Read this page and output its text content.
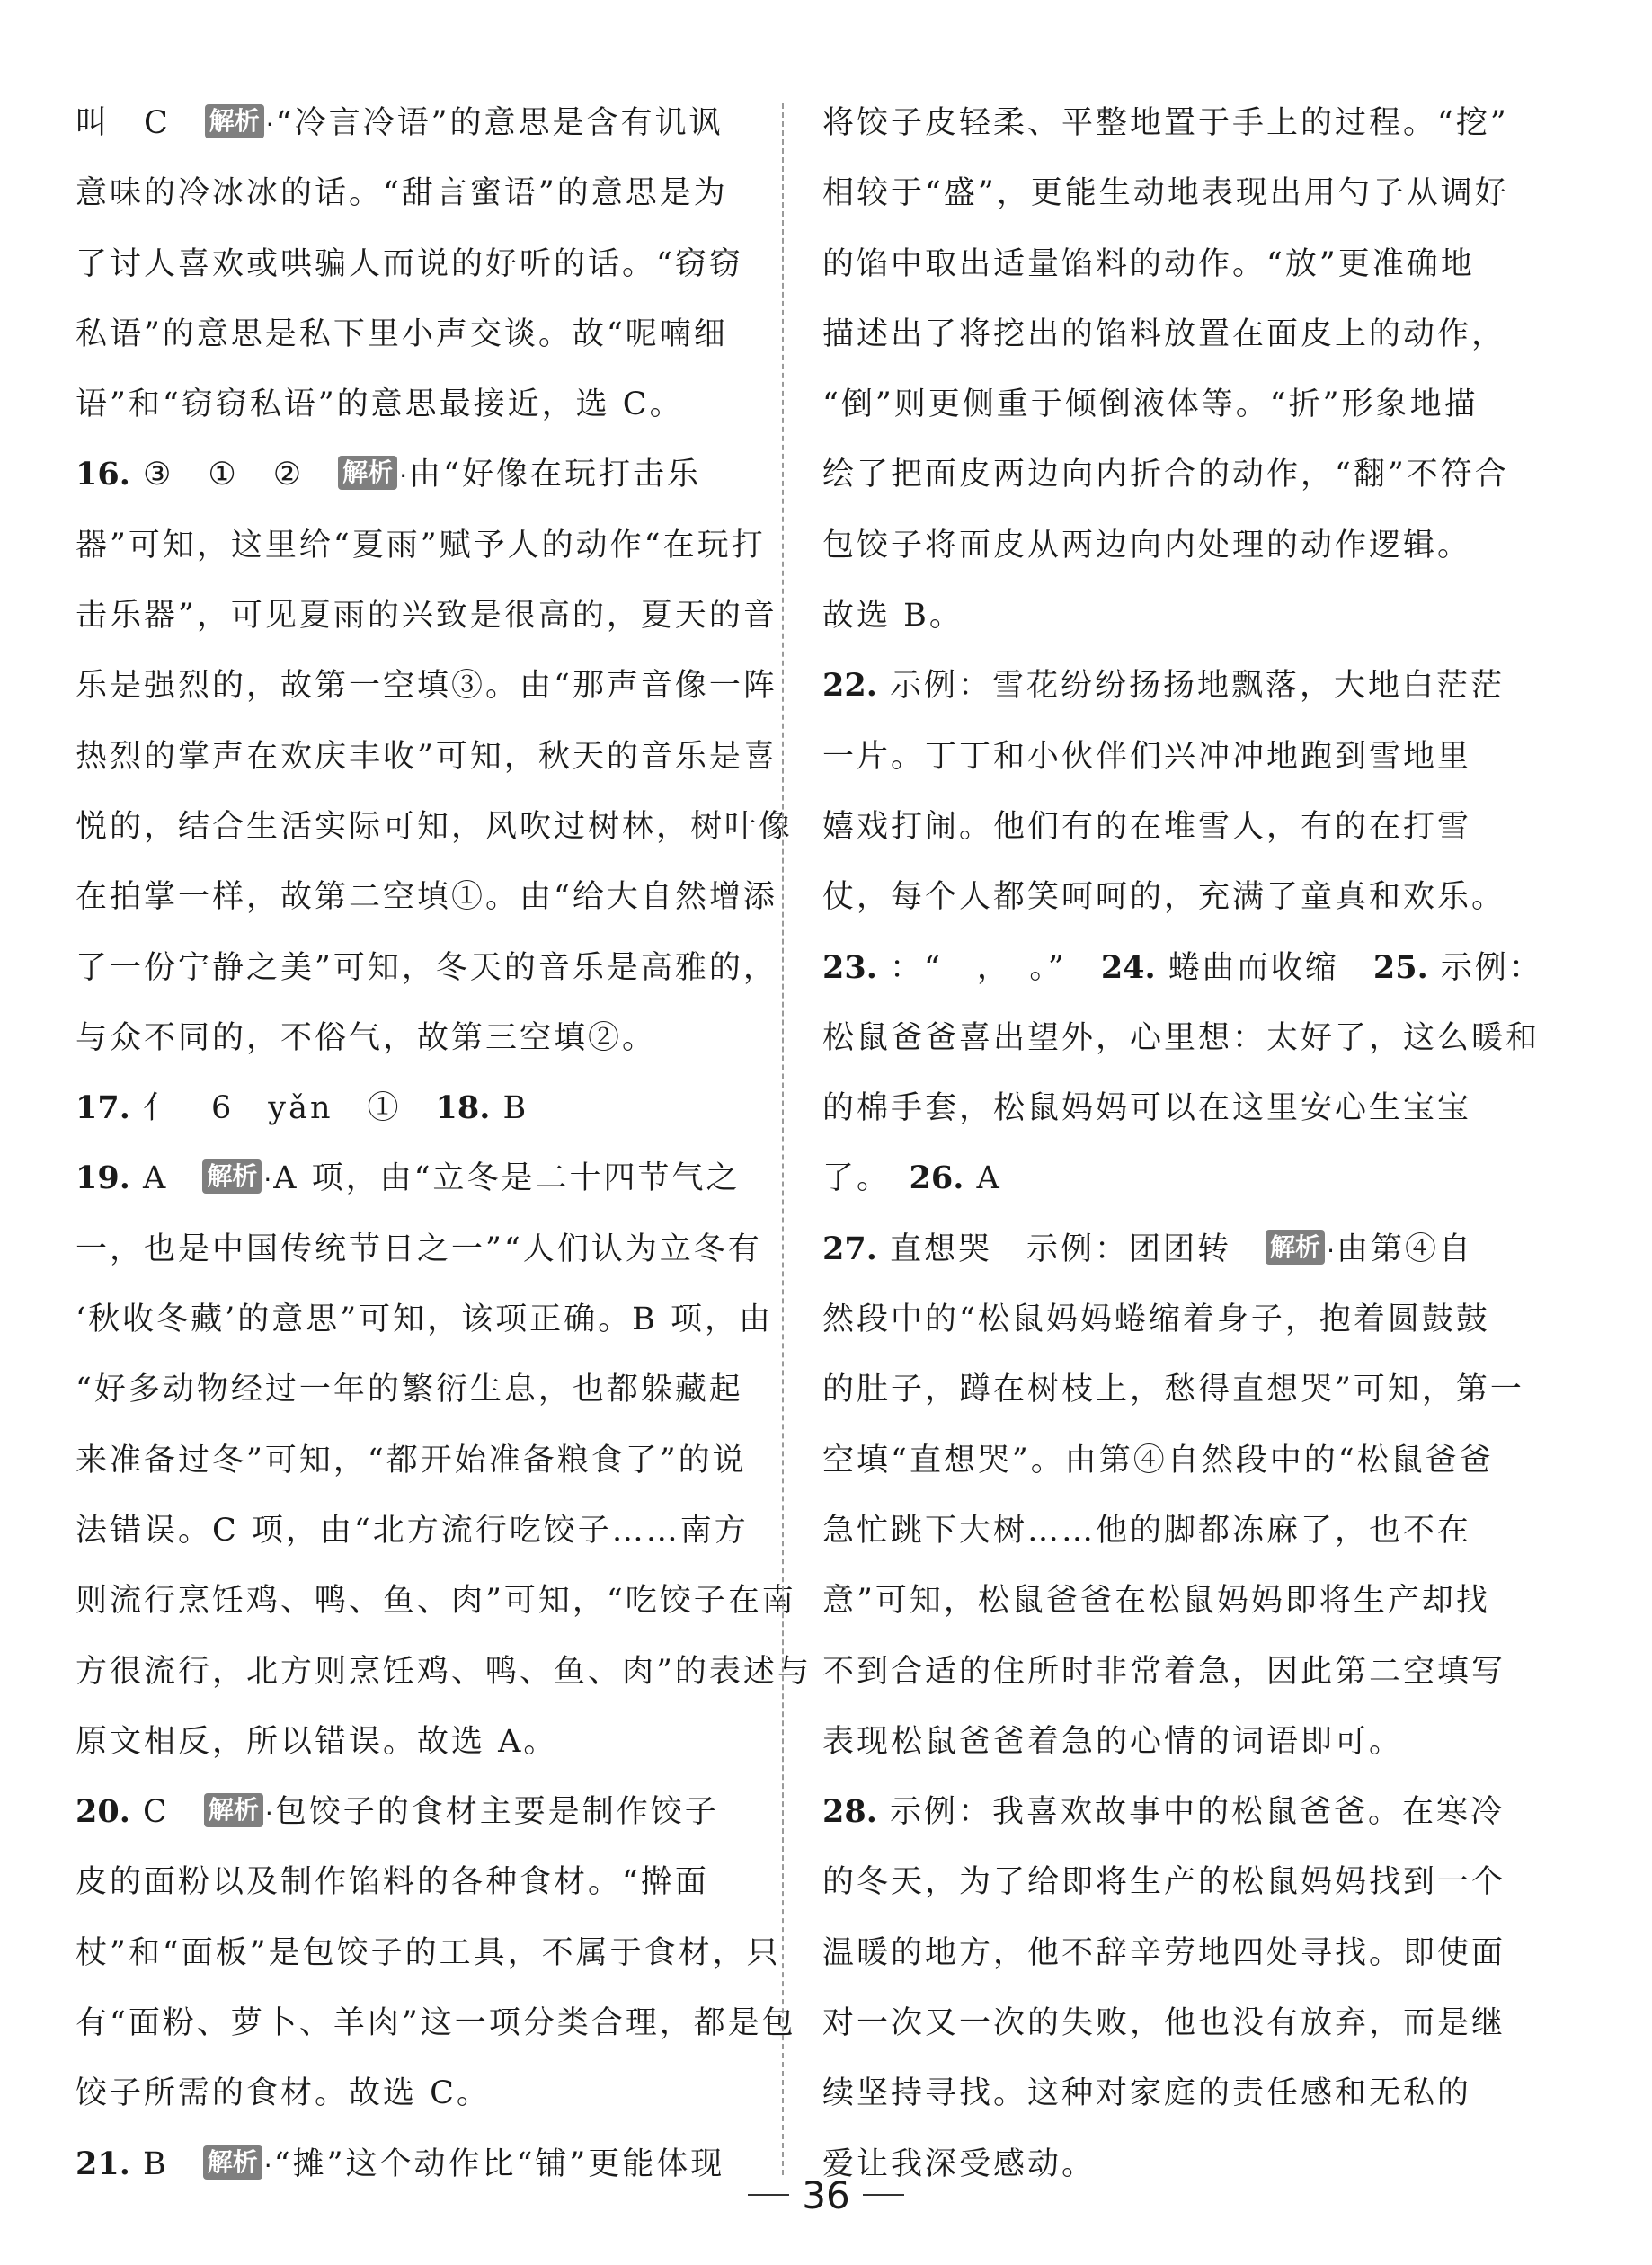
叫　C　解析 ·“冷言冷语”的意思是含有讥讽
意味的冷冰冰的话。“甜言蜜语”的意思是为
了讨人喜欢或哄骗人而说的好听的话。“窃窃
私语”的意思是私下里小声交谈。故“呢喃细
语”和“窃窃私语”的意思最接近，选 C。
16. ③　①　②　解析 ·由“好像在玩打击乐
器”可知，这里给“夏雨”赋予人的动作“在玩打
击乐器”，可见夏雨的兴致是很高的，夏天的音
乐是强烈的，故第一空填③。由“那声音像一阵
热烈的掌声在欢庆丰收”可知，秋天的音乐是喜
悦的，结合生活实际可知，风吹过树林，树叶像
在拍掌一样，故第二空填①。由“给大自然增添
了一份宁静之美”可知，冬天的音乐是高雅的，
与众不同的，不俗气，故第三空填②。
17. 亻　6　yǎn　①　18. B
19. A　解析 ·A 项，由“立冬是二十四节气之
一，也是中国传统节日之一”“人们认为立冬有
‘秋收冬藏’的意思”可知，该项正确。B 项，由
“好多动物经过一年的繁衍生息，也都躲藏起
来准备过冬”可知，“都开始准备粮食了”的说
法错误。C 项，由“北方流行吃饺子……南方
则流行烹饪鸡、鸭、鱼、肉”可知，“吃饺子在南
方很流行，北方则烹饪鸡、鸭、鱼、肉”的表述与
原文相反，所以错误。故选 A。
20. C　解析 ·包饺子的食材主要是制作饺子
皮的面粉以及制作馅料的各种食材。“擀面
杖”和“面板”是包饺子的工具，不属于食材，只
有“面粉、萝卜、羊肉”这一项分类合理，都是包
饺子所需的食材。故选 C。
21. B　解析 ·“摊”这个动作比“铺”更能体现
将饺子皮轻柔、平整地置于手上的过程。“挖”
相较于“盛”，更能生动地表现出用勺子从调好
的馅中取出适量馅料的动作。“放”更准确地
描述出了将挖出的馅料放置在面皮上的动作，
“倒”则更侧重于倾倒液体等。“折”形象地描
绘了把面皮两边向内折合的动作，“翻”不符合
包饺子将面皮从两边向内处理的动作逻辑。
故选 B。
22. 示例：雪花纷纷扬扬地飘落，大地白茫茫
一片。丁丁和小伙伴们兴冲冲地跑到雪地里
嬉戏打闹。他们有的在堆雪人，有的在打雪
仗，每个人都笑呵呵的，充满了童真和欢乐。
23. ：“　，　。”　24. 蜷曲而收缩　25. 示例：
松鼠爸爸喜出望外，心里想：太好了，这么暖和
的棉手套，松鼠妈妈可以在这里安心生宝宝
了。　26. A
27. 直想哭　示例：团团转　解析 ·由第④自
然段中的“松鼠妈妈蜷缩着身子，抱着圆鼓鼓
的肚子，蹲在树枝上，愁得直想哭”可知，第一
空填“直想哭”。由第④自然段中的“松鼠爸爸
急忙跳下大树……他的脚都冻麻了，也不在
意”可知，松鼠爸爸在松鼠妈妈即将生产却找
不到合适的住所时非常着急，因此第二空填写
表现松鼠爸爸着急的心情的词语即可。
28. 示例：我喜欢故事中的松鼠爸爸。在寒冷
的冬天，为了给即将生产的松鼠妈妈找到一个
温暖的地方，他不辞辛劳地四处寻找。即使面
对一次又一次的失败，他也没有放弃，而是继
续坚持寻找。这种对家庭的责任感和无私的
爱让我深受感动。
36
